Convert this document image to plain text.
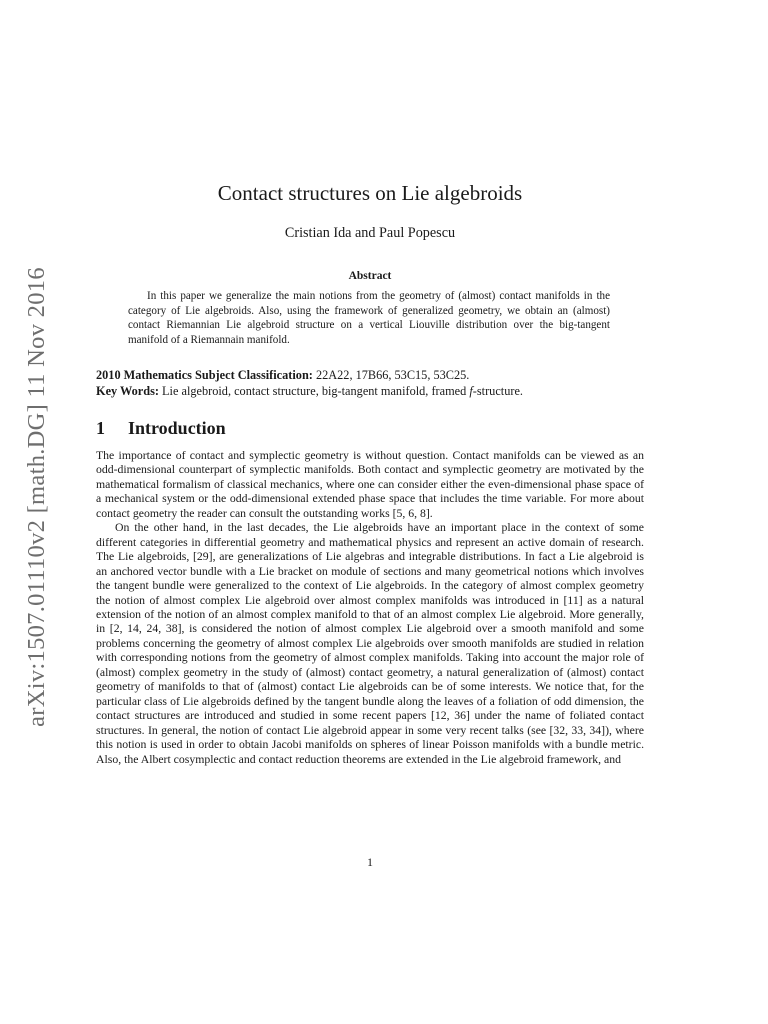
arXiv:1507.01110v2 [math.DG] 11 Nov 2016
Contact structures on Lie algebroids
Cristian Ida and Paul Popescu
Abstract

In this paper we generalize the main notions from the geometry of (almost) contact manifolds in the category of Lie algebroids. Also, using the framework of generalized geometry, we obtain an (almost) contact Riemannian Lie algebroid structure on a vertical Liouville distribution over the big-tangent manifold of a Riemannain manifold.

2010 Mathematics Subject Classification: 22A22, 17B66, 53C15, 53C25.
Key Words: Lie algebroid, contact structure, big-tangent manifold, framed f-structure.
1 Introduction

The importance of contact and symplectic geometry is without question. Contact manifolds can be viewed as an odd-dimensional counterpart of symplectic manifolds. Both contact and symplectic geometry are motivated by the mathematical formalism of classical mechanics, where one can consider either the even-dimensional phase space of a mechanical system or the odd-dimensional extended phase space that includes the time variable. For more about contact geometry the reader can consult the outstanding works [5, 6, 8].

On the other hand, in the last decades, the Lie algebroids have an important place in the context of some different categories in differential geometry and mathematical physics and represent an active domain of research. The Lie algebroids, [29], are generalizations of Lie algebras and integrable distributions. In fact a Lie algebroid is an anchored vector bundle with a Lie bracket on module of sections and many geometrical notions which involves the tangent bundle were generalized to the context of Lie algebroids. In the category of almost complex geometry the notion of almost complex Lie algebroid over almost complex manifolds was introduced in [11] as a natural extension of the notion of an almost complex manifold to that of an almost complex Lie algebroid. More generally, in [2, 14, 24, 38], is considered the notion of almost complex Lie algebroid over a smooth manifold and some problems concerning the geometry of almost complex Lie algebroids over smooth manifolds are studied in relation with corresponding notions from the geometry of almost complex manifolds. Taking into account the major role of (almost) complex geometry in the study of (almost) contact geometry, a natural generalization of (almost) contact geometry of manifolds to that of (almost) contact Lie algebroids can be of some interests. We notice that, for the particular class of Lie algebroids defined by the tangent bundle along the leaves of a foliation of odd dimension, the contact structures are introduced and studied in some recent papers [12, 36] under the name of foliated contact structures. In general, the notion of contact Lie algebroid appear in some very recent talks (see [32, 33, 34]), where this notion is used in order to obtain Jacobi manifolds on spheres of linear Poisson manifolds with a bundle metric. Also, the Albert cosymplectic and contact reduction theorems are extended in the Lie algebroid framework, and

1
